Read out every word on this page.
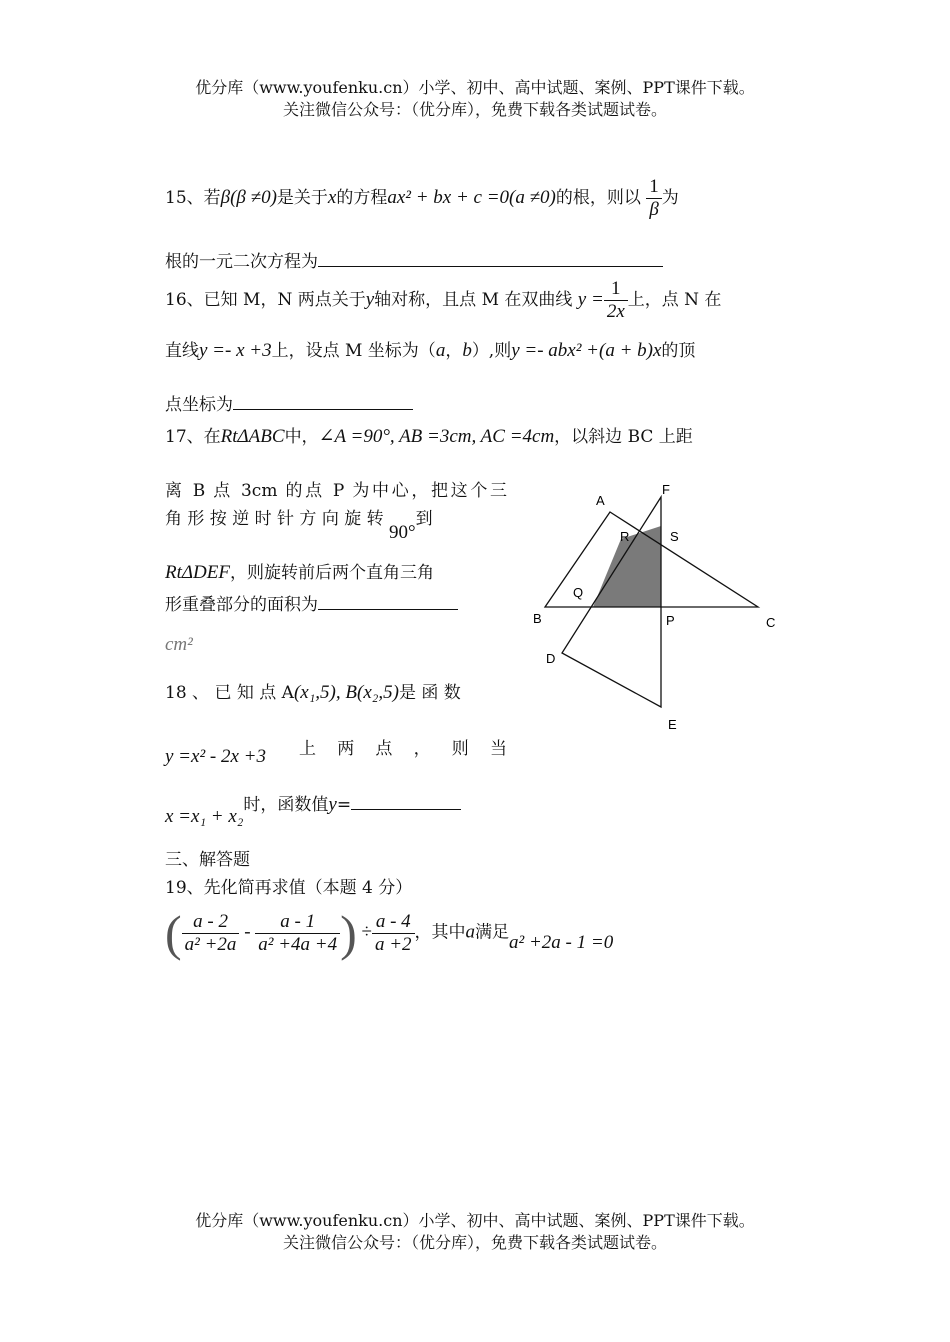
优分库（www.youfenku.cn）小学、初中、高中试题、案例、PPT课件下载。
关注微信公众号：（优分库），免费下载各类试题试卷。
15、若β(β ≠0)是关于x的方程ax² + bx + c =0(a ≠0)的根，则以 $\frac{1}{\beta}$ 为
根的一元二次方程为
16、已知 M，N 两点关于y轴对称，且点 M 在双曲线 $y = \frac{1}{2x}$ 上，点 N 在
直线y =- x +3上，设点 M 坐标为（a，b）,则y =- abx² +(a + b)x的顶
点坐标为
17、在RtΔABC中，∠A =90°, AB =3cm, AC =4cm，以斜边 BC 上距
离 B 点 3cm 的点 P 为中心，把这个三
角 形 按 逆 时 针 方 向 旋 转 90°到
RtΔDEF，则旋转前后两个直角三角
形重叠部分的面积为
cm²
18 、 已 知 点 A(x₁,5), B(x₂,5)是 函 数
y =x² - 2x +3 上  两  点  ，  则  当
x =x₁ + x₂时，函数值y=
三、解答题
19、先化简再求值（本题 4 分）
( $\frac{a - 2}{\text{a² +2a}} - \frac{a - 1}{\text{a² +4a +4}}$ ) ÷ $\frac{a - 4}{a +2}$ ，其中a满足a² +2a - 1 =0
A
F
R	S
Q
B	P	C
D
E
优分库（www.youfenku.cn）小学、初中、高中试题、案例、PPT课件下载。
关注微信公众号：（优分库），免费下载各类试题试卷。
